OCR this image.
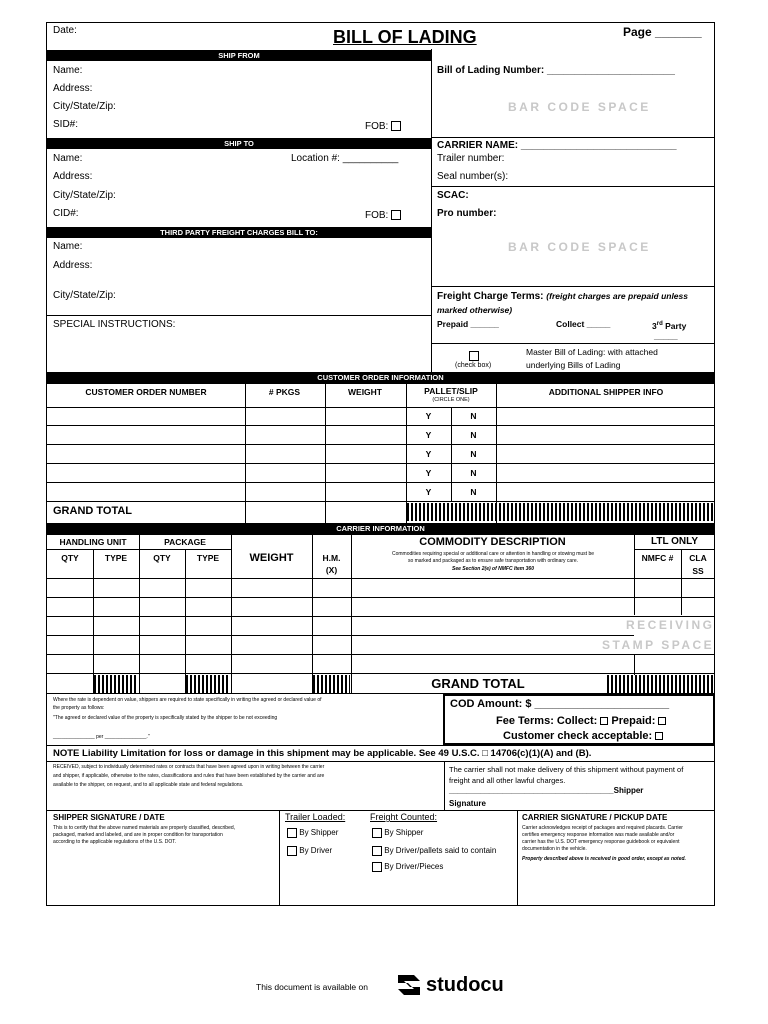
Date:	BILL OF LADING	Page _______
SHIP FROM
Name:
Address:
City/State/Zip:
SID#:	FOB:
Bill of Lading Number: _______________________
BAR CODE SPACE
SHIP TO
Name:	Location #: __________
Address:
City/State/Zip:
CID#:	FOB:
CARRIER NAME: ____________________________
Trailer number:
Seal number(s):
SCAC:
Pro number:
BAR CODE SPACE
THIRD PARTY FREIGHT CHARGES BILL TO:
Name:
Address:
City/State/Zip:
SPECIAL INSTRUCTIONS:
Freight Charge Terms: (freight charges are prepaid unless
marked otherwise)
Prepaid ______	Collect _____	3rd Party
_____
(check box)
Master Bill of Lading: with attached
underlying Bills of Lading
CUSTOMER ORDER INFORMATION
CUSTOMER ORDER NUMBER	# PKGS	WEIGHT	PALLET/SLIP
(CIRCLE ONE)
ADDITIONAL SHIPPER INFO
Y	N
Y	N
Y	N
Y	N
Y	N
GRAND TOTAL
CARRIER INFORMATION
HANDLING UNIT	PACKAGE	COMMODITY DESCRIPTION	LTL ONLY
QTY	TYPE	QTY	TYPE	WEIGHT	H.M.
(X)
Commodities requiring special or additional care or attention in handling or stowing must be
so marked and packaged as to ensure safe transportation with ordinary care.
See Section 2(e) of NMFC Item 360
NMFC #	CLA
SS
RECEIVING
STAMP SPACE
GRAND TOTAL
Where the rate is dependent on value, shippers are required to state specifically in writing the agreed or declared value of
the property as follows:
"The agreed or declared value of the property is specifically stated by the shipper to be not exceeding
_______________ per _______________."
COD Amount: $ ______________________
Fee Terms: Collect: Prepaid:
Customer check acceptable:
NOTE Liability Limitation for loss or damage in this shipment may be applicable. See 49 U.S.C. □ 14706(c)(1)(A) and (B).
RECEIVED, subject to individually determined rates or contracts that have been agreed upon in writing between the carrier
and shipper, if applicable, otherwise to the rates, classifications and rules that have been established by the carrier and are
available to the shipper, on request, and to all applicable state and federal regulations.
The carrier shall not make delivery of this shipment without payment of
freight and all other lawful charges.
_____________________________________Shipper
Signature
SHIPPER SIGNATURE / DATE
This is to certify that the above named materials are properly classified, described,
packaged, marked and labeled, and are in proper condition for transportation
according to the applicable regulations of the U.S. DOT.
Trailer Loaded:
By Shipper
By Driver
Freight Counted:
By Shipper
By Driver/pallets said to contain
By Driver/Pieces
CARRIER SIGNATURE / PICKUP DATE
Carrier acknowledges receipt of packages and required placards. Carrier
certifies emergency response information was made available and/or
carrier has the U.S. DOT emergency response guidebook or equivalent
documentation in the vehicle.
Property described above is received in good order, except as noted.
This document is available on	studocu
